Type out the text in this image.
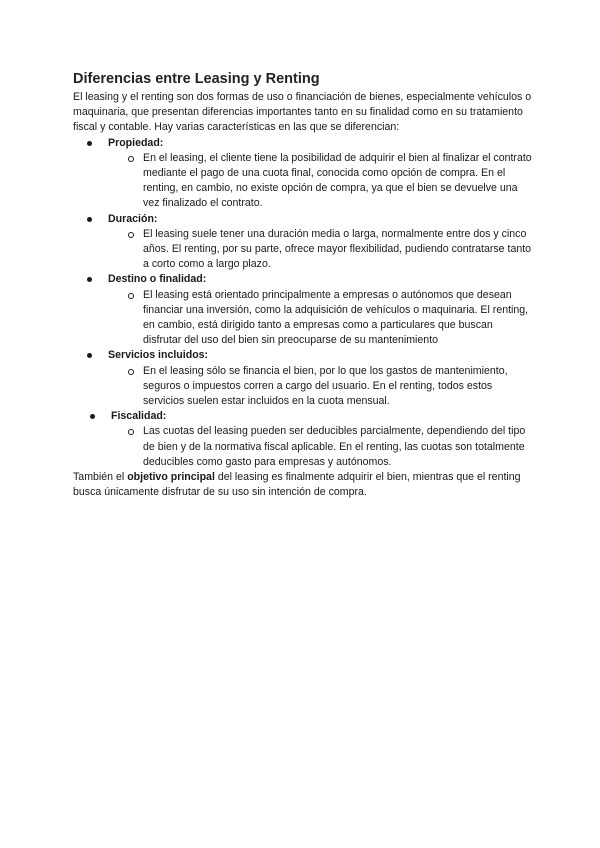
Diferencias entre Leasing y Renting

El leasing y el renting son dos formas de uso o financiación de bienes, especialmente vehículos o maquinaria, que presentan diferencias importantes tanto en su finalidad como en su tratamiento fiscal y contable. Hay varias características en las que se diferencian:

Propiedad:
En el leasing, el cliente tiene la posibilidad de adquirir el bien al finalizar el contrato mediante el pago de una cuota final, conocida como opción de compra. En el renting, en cambio, no existe opción de compra, ya que el bien se devuelve una vez finalizado el contrato.
Duración:
El leasing suele tener una duración media o larga, normalmente entre dos y cinco años. El renting, por su parte, ofrece mayor flexibilidad, pudiendo contratarse tanto a corto como a largo plazo.
Destino o finalidad:
El leasing está orientado principalmente a empresas o autónomos que desean financiar una inversión, como la adquisición de vehículos o maquinaria. El renting, en cambio, está dirigido tanto a empresas como a particulares que buscan disfrutar del uso del bien sin preocuparse de su mantenimiento
Servicios incluidos:
En el leasing sólo se financia el bien, por lo que los gastos de mantenimiento, seguros o impuestos corren a cargo del usuario. En el renting, todos estos servicios suelen estar incluidos en la cuota mensual.
Fiscalidad:
Las cuotas del leasing pueden ser deducibles parcialmente, dependiendo del tipo de bien y de la normativa fiscal aplicable. En el renting, las cuotas son totalmente deducibles como gasto para empresas y autónomos.

También el objetivo principal del leasing es finalmente adquirir el bien, mientras que el renting busca únicamente disfrutar de su uso sin intención de compra.
